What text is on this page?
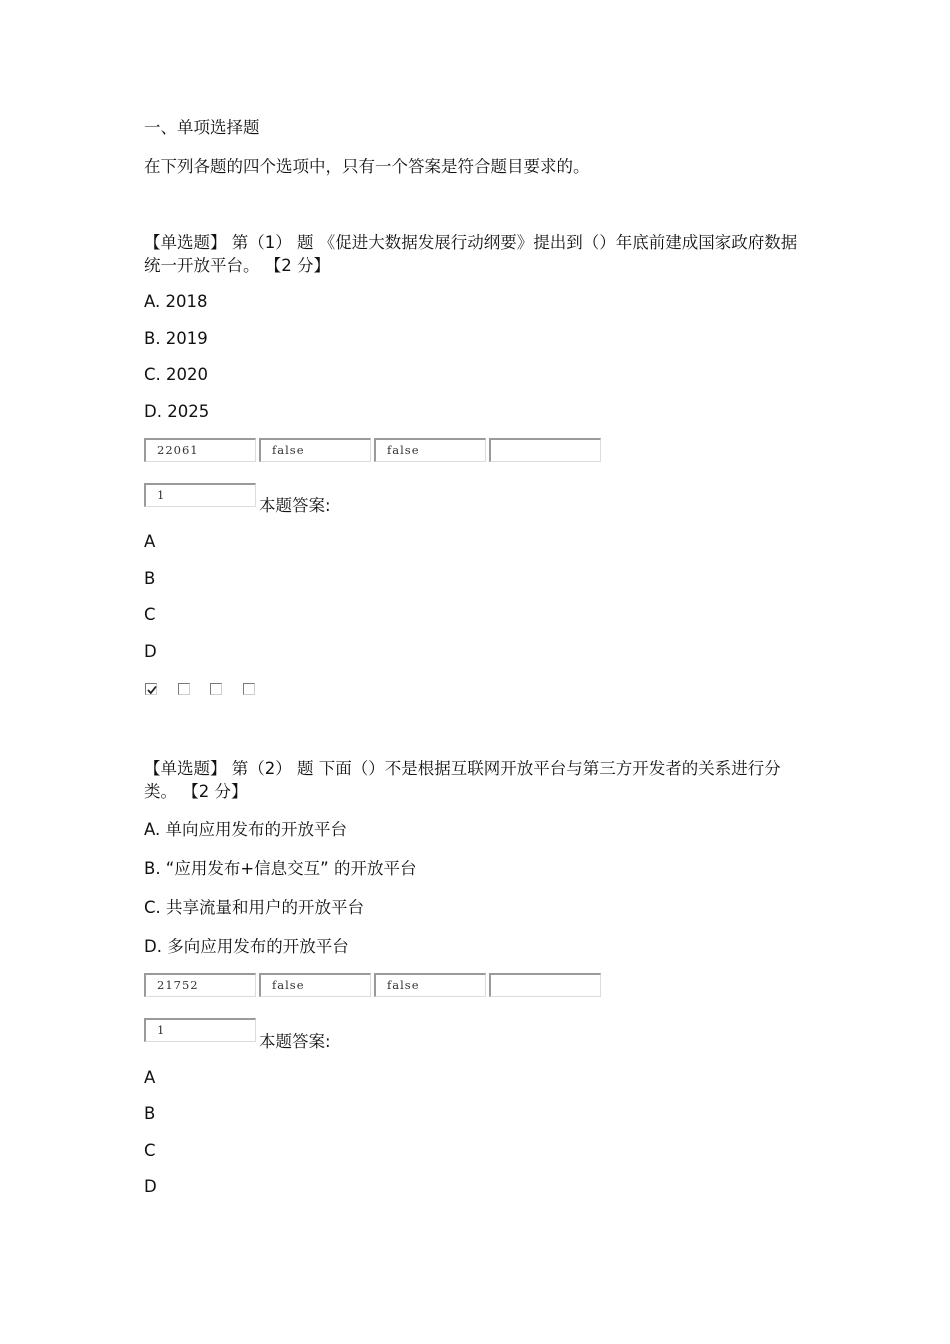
一、单项选择题
在下列各题的四个选项中，只有一个答案是符合题目要求的。
【单选题】 第（1） 题 《促进大数据发展行动纲要》提出到（）年底前建成国家政府数据统一开放平台。 【2 分】
A. 2018
B. 2019
C. 2020
D. 2025
22061	false	false
1
本题答案:
A
B
C
D
【单选题】 第（2） 题 下面（）不是根据互联网开放平台与第三方开发者的关系进行分类。 【2 分】
A. 单向应用发布的开放平台
B. “应用发布+信息交互” 的开放平台
C. 共享流量和用户的开放平台
D. 多向应用发布的开放平台
21752	false	false
1
本题答案:
A
B
C
D
